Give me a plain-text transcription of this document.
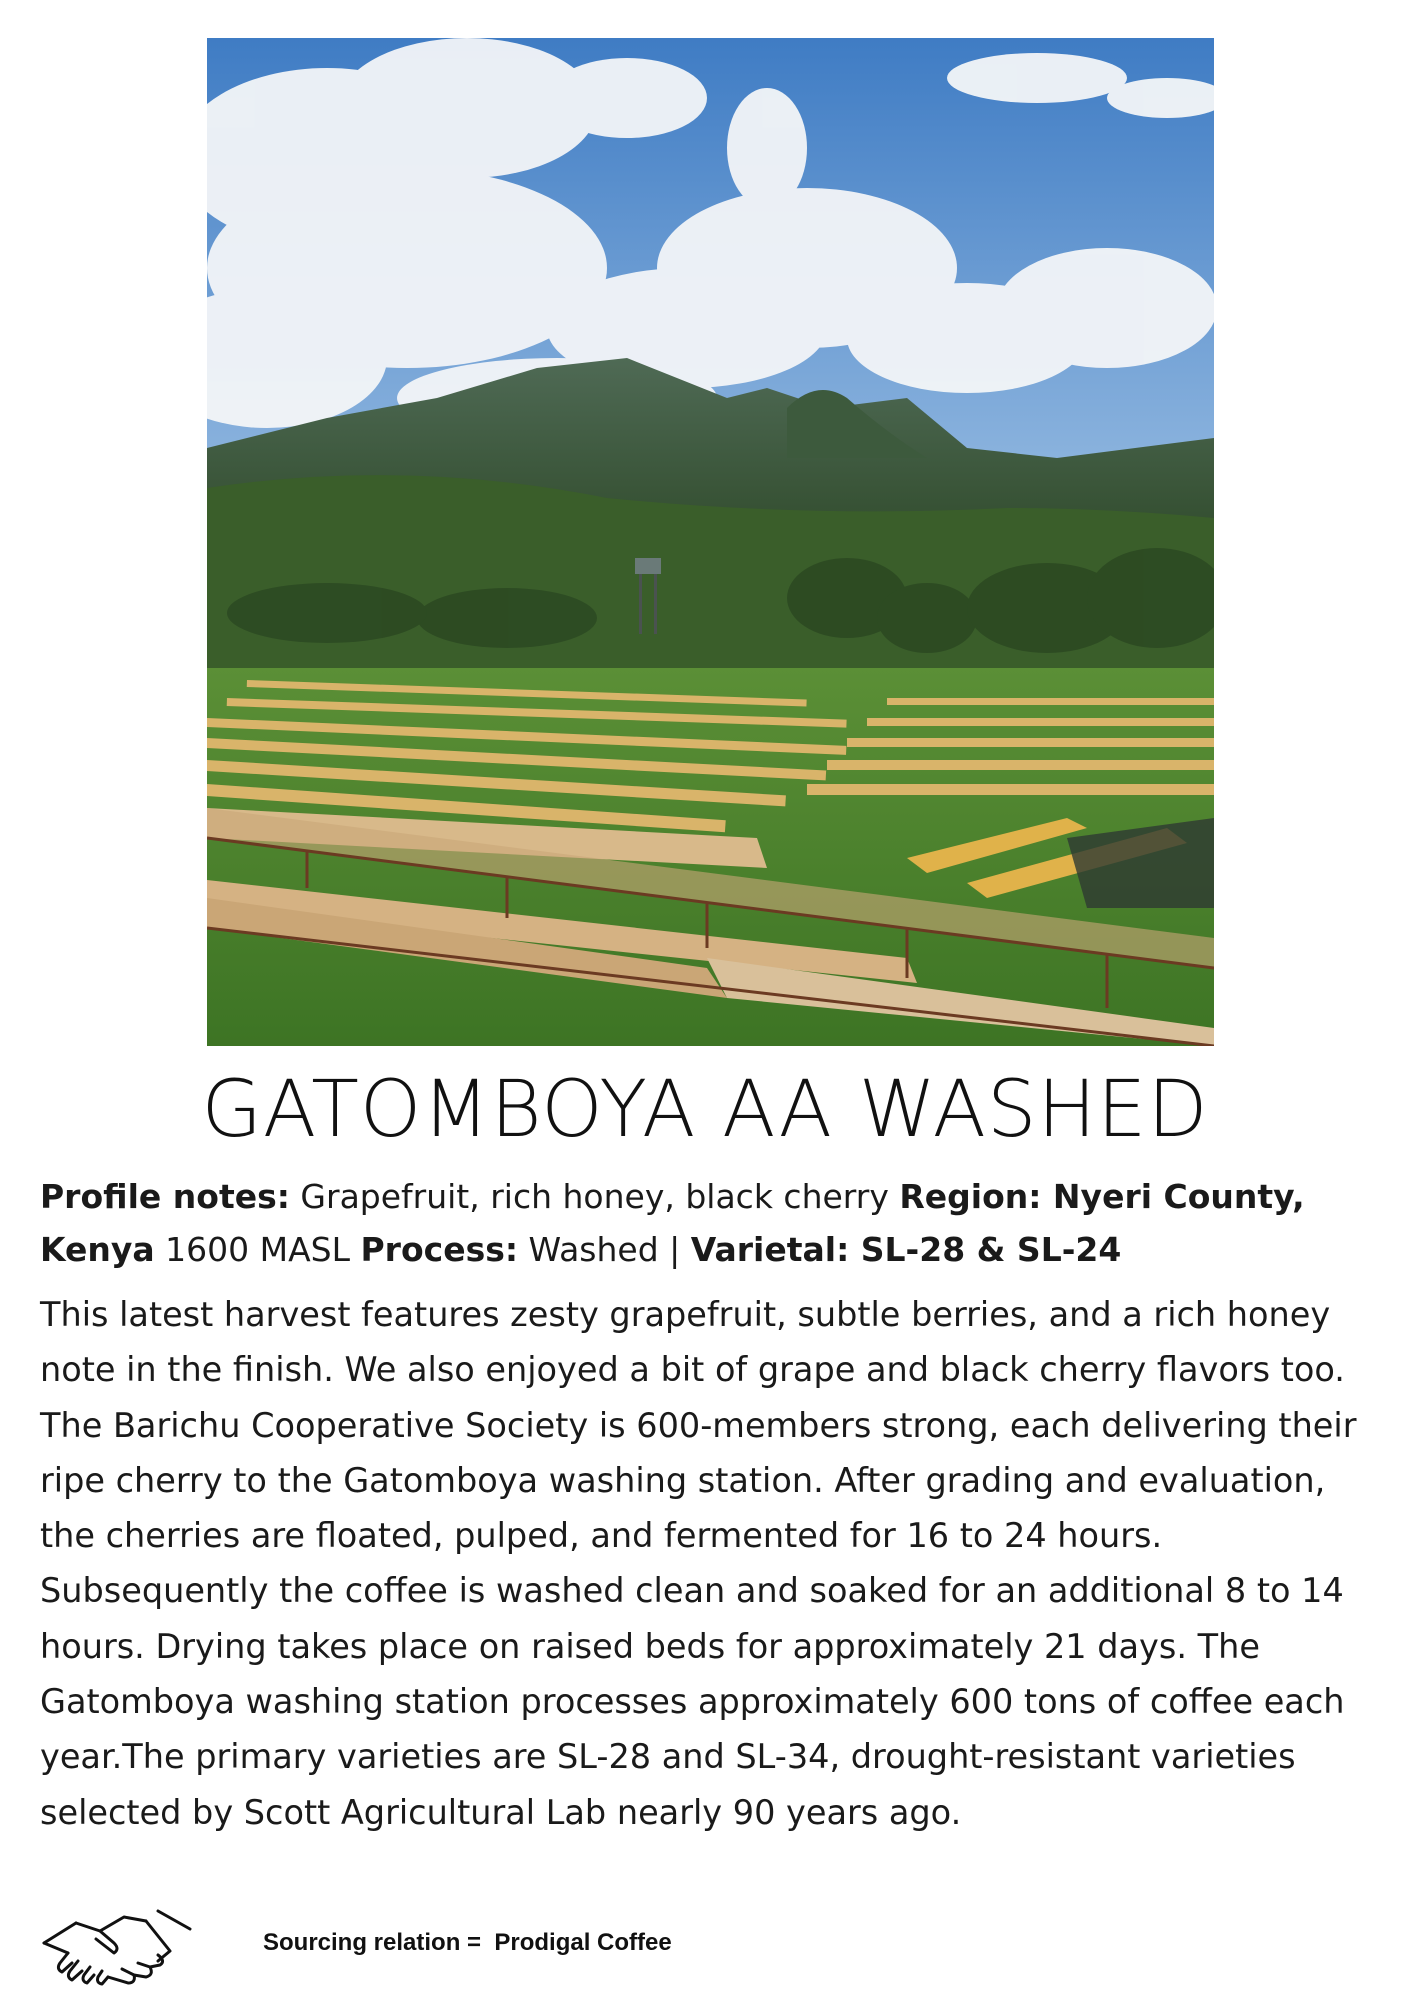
GATOMBOYA AA WASHED
Profile notes: Grapefruit, rich honey, black cherry Region: Nyeri County, Kenya 1600 MASL Process: Washed | Varietal: SL-28 & SL-24
This latest harvest features zesty grapefruit, subtle berries, and a rich honey note in the finish. We also enjoyed a bit of grape and black cherry flavors too. The Barichu Cooperative Society is 600-members strong, each delivering their ripe cherry to the Gatomboya washing station. After grading and evaluation, the cherries are floated, pulped, and fermented for 16 to 24 hours. Subsequently the coffee is washed clean and soaked for an additional 8 to 14 hours. Drying takes place on raised beds for approximately 21 days. The Gatomboya washing station processes approximately 600 tons of coffee each year.The primary varieties are SL-28 and SL-34, drought-resistant varieties selected by Scott Agricultural Lab nearly 90 years ago.
Sourcing relation =  Prodigal Coffee
